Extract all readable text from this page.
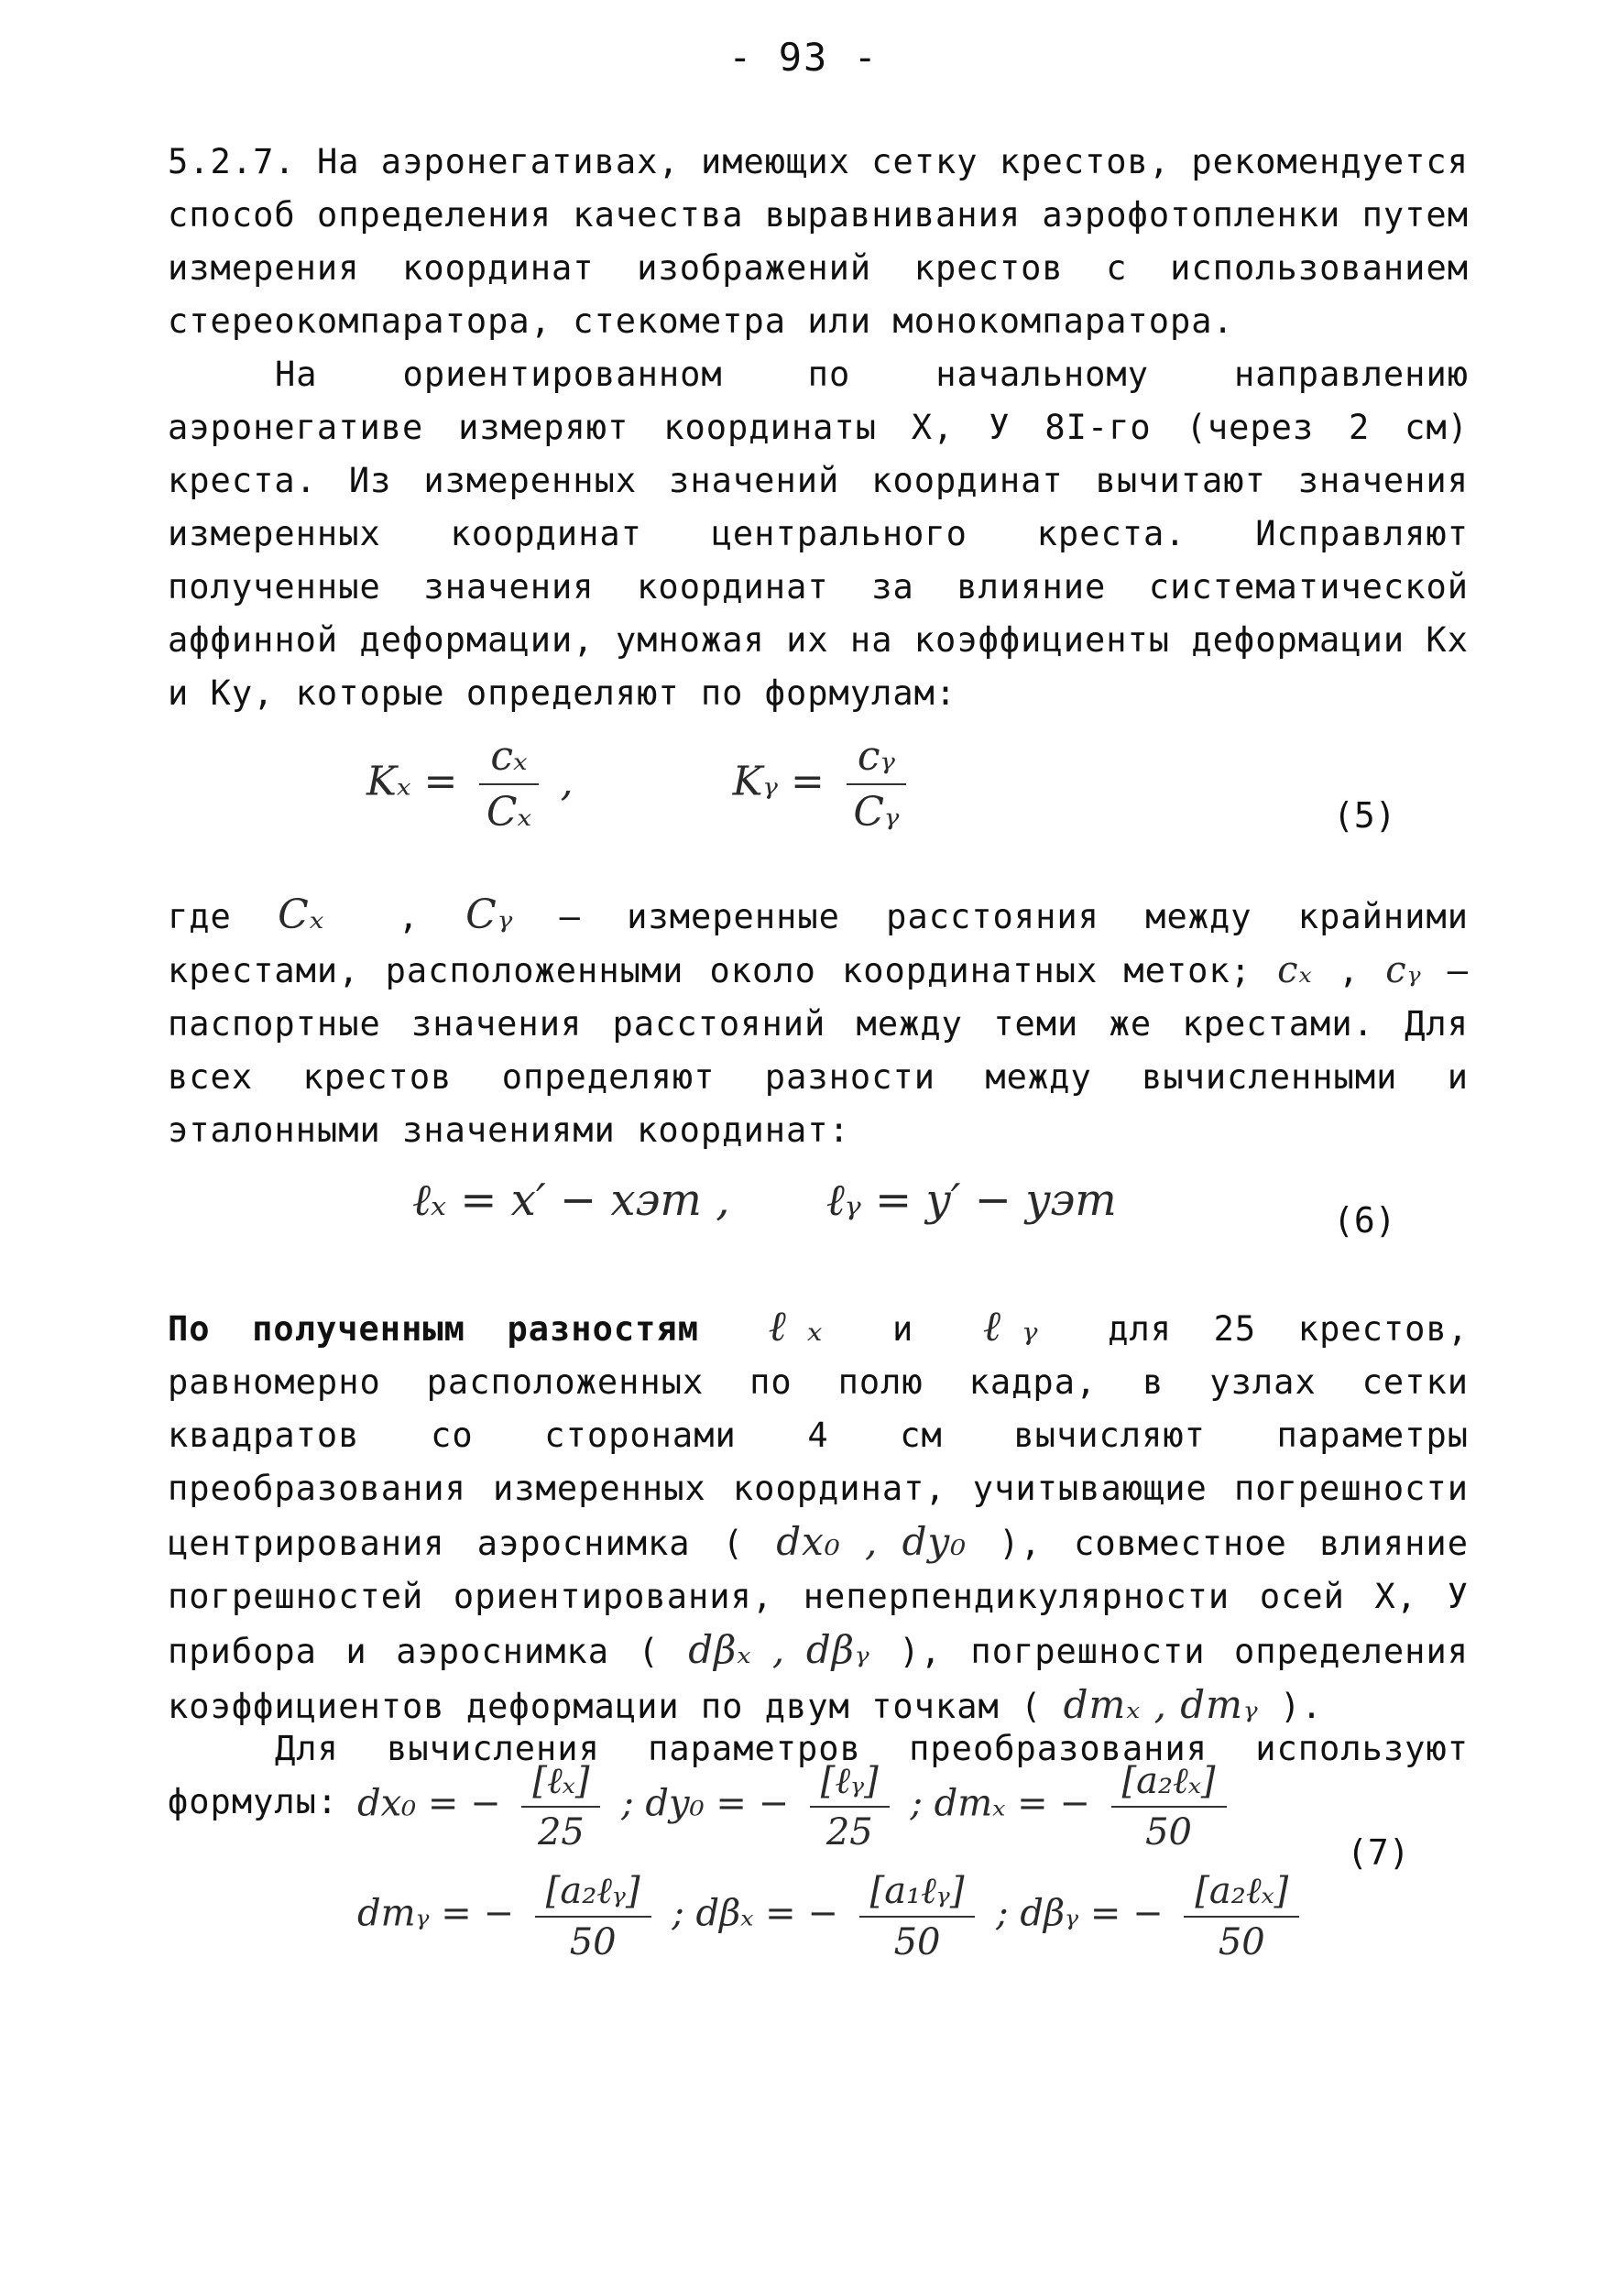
- 93 -
5.2.7. На аэронегативах, имеющих сетку крестов, рекомендуется способ определения качества выравнивания аэрофотопленки путем измерения координат изображений крестов с использованием стереокомпаратора, стекометра или монокомпаратора.
На ориентированном по начальному направлению аэронегативе измеряют координаты X, У 8I-го (через 2 см) креста. Из измеренных значений координат вычитают значения измеренных координат центрального креста. Исправляют полученные значения координат за влияние систематической аффинной деформации, умножая их на коэффициенты деформации Кх и Ку, которые определяют по формулам:
$K_x = \frac{\text{cₓ}}{\text{Cₓ}}$ ,	Kᵧ = $\frac{\text{cᵧ}}{\text{Cᵧ}}$	(5)
где Cₓ , Cᵧ – измеренные расстояния между крайними крестами, расположенными около координатных меток; cₓ , cᵧ – паспортные значения расстояний между теми же крестами. Для всех крестов определяют разности между вычисленными и эталонными значениями координат:
ℓₓ = x′ − xэт , ℓᵧ = y′ − yэт	(6)
По полученным разностям ℓₓ и ℓᵧ для 25 крестов, равномерно расположенных по полю кадра, в узлах сетки квадратов со сторонами 4 см вычисляют параметры преобразования измеренных координат, учитывающие погрешности центрирования аэроснимка ( dx₀ , dy₀ ), совместное влияние погрешностей ориентирования, неперпендикулярности осей X, У прибора и аэроснимка ( dβₓ , dβᵧ ), погрешности определения коэффициентов деформации по двум точкам ( dmₓ , dmᵧ ).
Для вычисления параметров преобразования используют формулы: dx₀ = − $\frac{\text{[ℓₓ]}}{25}$ ; dy₀ = − $\frac{\text{[ℓᵧ]}}{25}$ ; dmₓ = − $\frac{\text{[a₂ℓₓ]}}{50}$
dmᵧ = − $\frac{\text{[a₂ℓᵧ]}}{50}$ ; dβₓ = − $\frac{\text{[a₁ℓᵧ]}}{50}$ ; dβᵧ = − $\frac{\text{[a₂ℓₓ]}}{50}$
(7)
